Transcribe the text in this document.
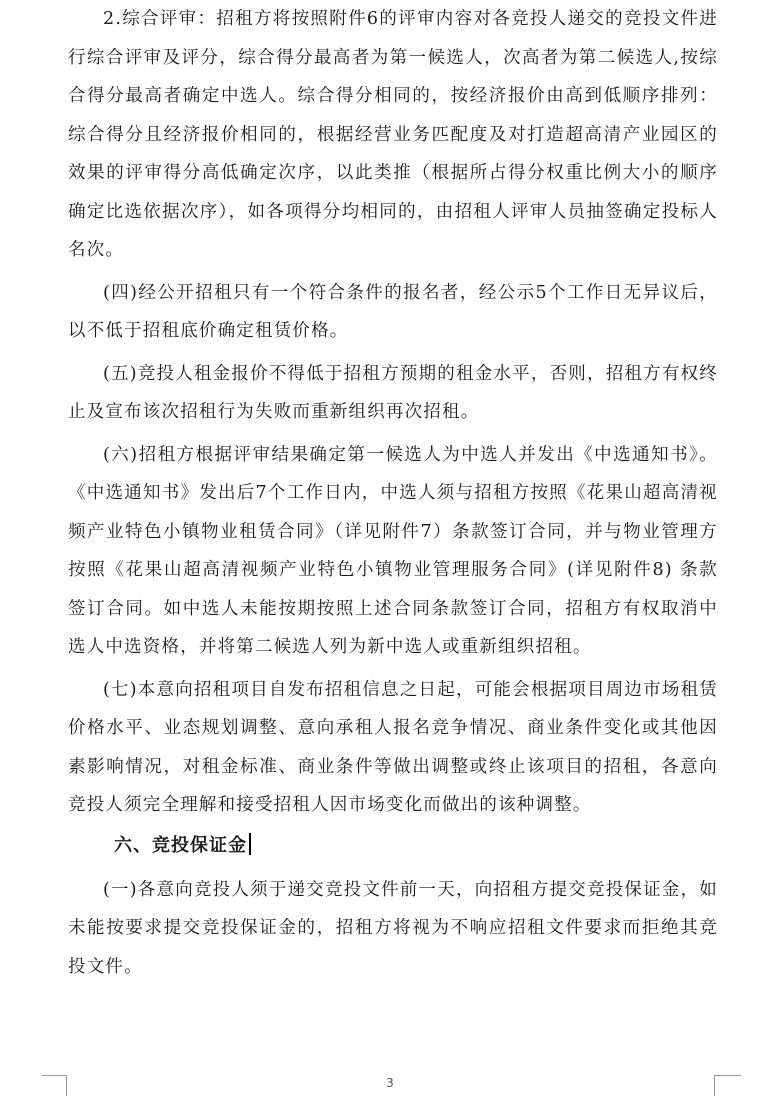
2.综合评审：招租方将按照附件6的评审内容对各竞投人递交的竞投文件进行综合评审及评分，综合得分最高者为第一候选人，次高者为第二候选人,按综合得分最高者确定中选人。综合得分相同的，按经济报价由高到低顺序排列：综合得分且经济报价相同的，根据经营业务匹配度及对打造超高清产业园区的效果的评审得分高低确定次序，以此类推（根据所占得分权重比例大小的顺序确定比选依据次序），如各项得分均相同的，由招租人评审人员抽签确定投标人名次。

(四)经公开招租只有一个符合条件的报名者，经公示5个工作日无异议后，以不低于招租底价确定租赁价格。

(五)竞投人租金报价不得低于招租方预期的租金水平，否则，招租方有权终止及宣布该次招租行为失败而重新组织再次招租。

(六)招租方根据评审结果确定第一候选人为中选人并发出《中选通知书》。《中选通知书》发出后7个工作日内，中选人须与招租方按照《花果山超高清视频产业特色小镇物业租赁合同》（详见附件7）条款签订合同，并与物业管理方按照《花果山超高清视频产业特色小镇物业管理服务合同》(详见附件8) 条款签订合同。如中选人未能按期按照上述合同条款签订合同，招租方有权取消中选人中选资格，并将第二候选人列为新中选人或重新组织招租。

(七)本意向招租项目自发布招租信息之日起，可能会根据项目周边市场租赁价格水平、业态规划调整、意向承租人报名竞争情况、商业条件变化或其他因素影响情况，对租金标准、商业条件等做出调整或终止该项目的招租，各意向竞投人须完全理解和接受招租人因市场变化而做出的该种调整。

六、竞投保证金

(一)各意向竞投人须于递交竞投文件前一天，向招租方提交竞投保证金，如未能按要求提交竞投保证金的，招租方将视为不响应招租文件要求而拒绝其竞投文件。

3
